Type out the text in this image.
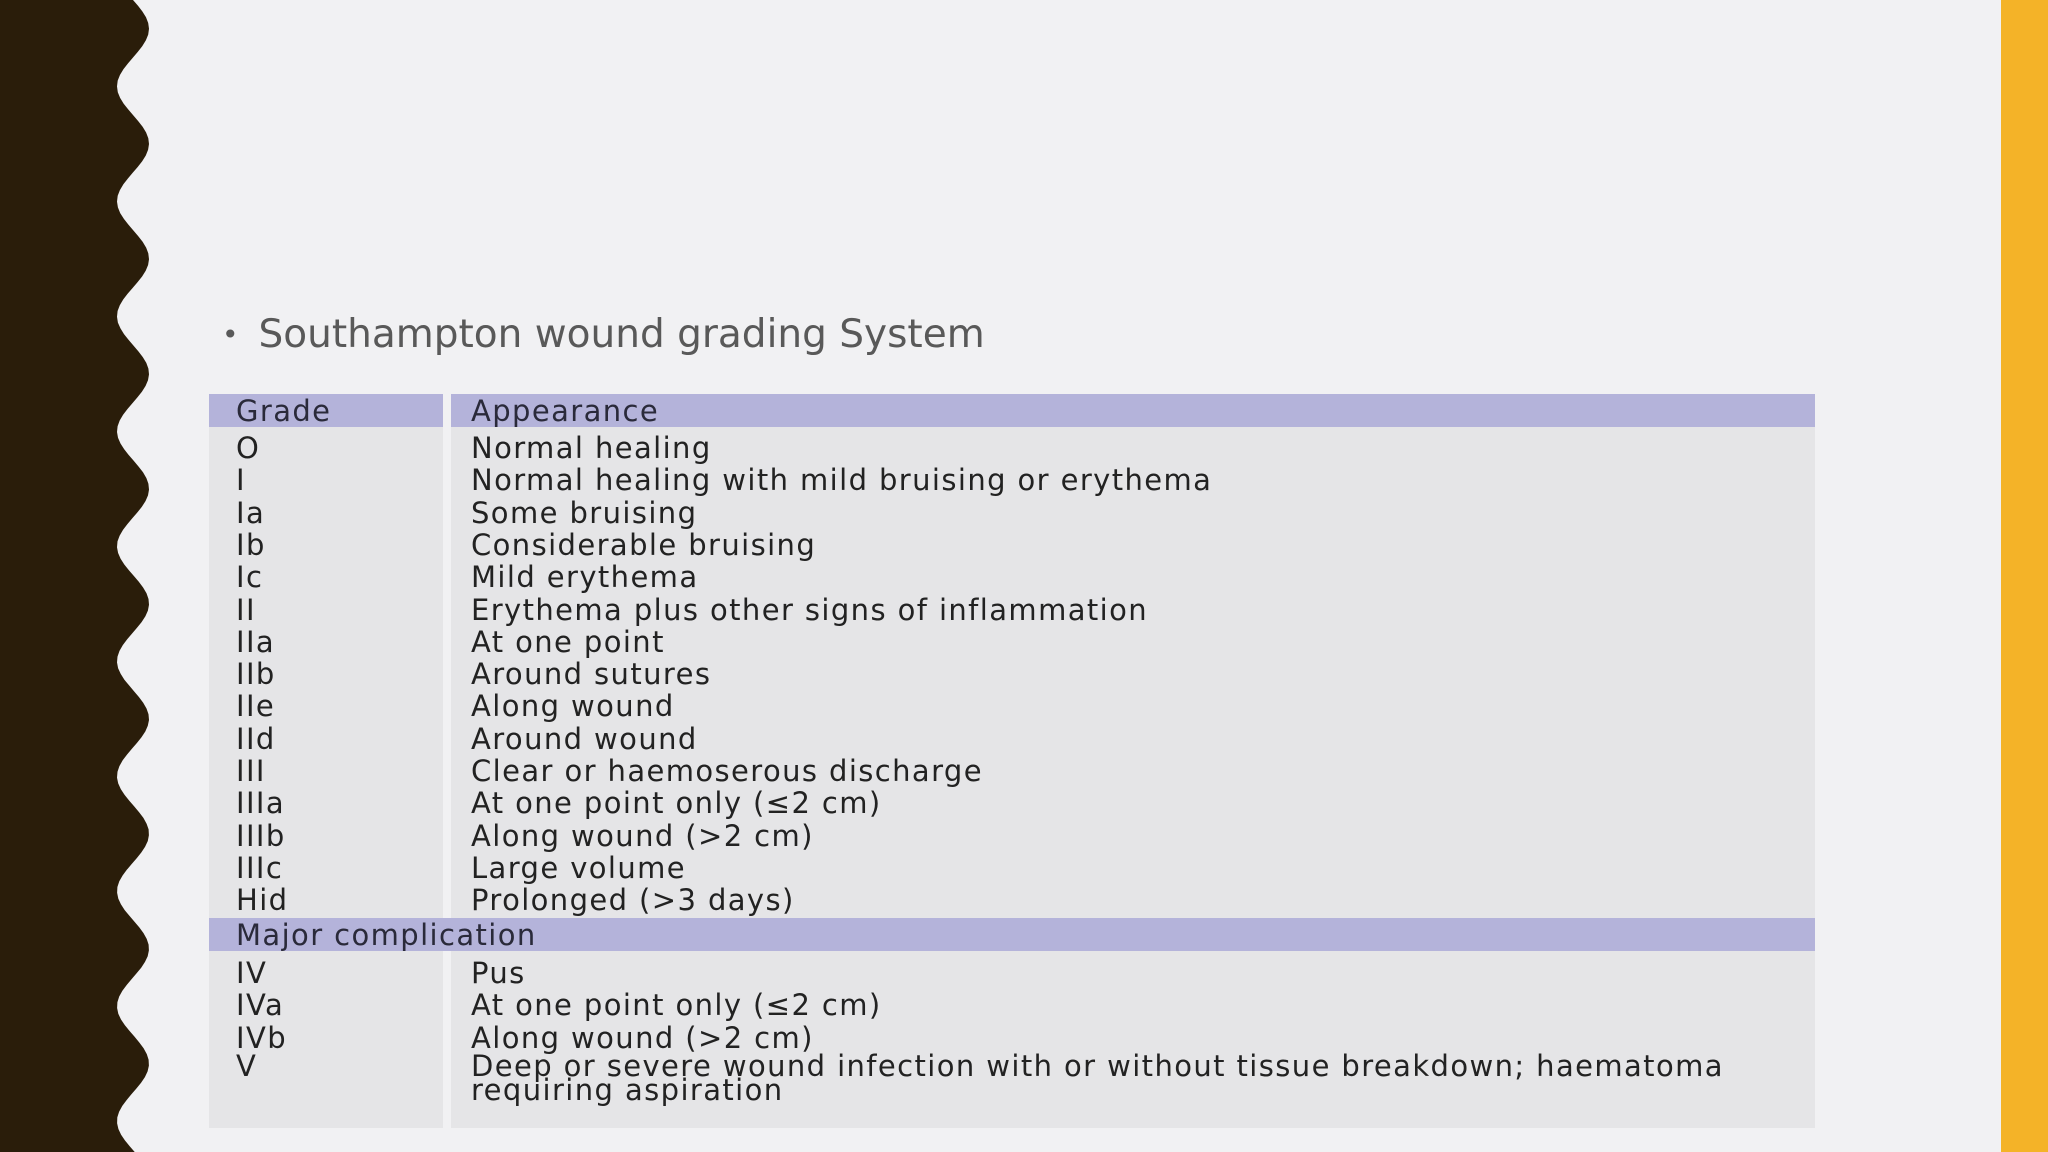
• Southampton wound grading System
Grade	Appearance
O	Normal healing
I	Normal healing with mild bruising or erythema
Ia	Some bruising
Ib	Considerable bruising
Ic	Mild erythema
II	Erythema plus other signs of inflammation
IIa	At one point
IIb	Around sutures
IIe	Along wound
IId	Around wound
III	Clear or haemoserous discharge
IIIa	At one point only (≤2 cm)
IIIb	Along wound (>2 cm)
IIIc	Large volume
Hid	Prolonged (>3 days)
Major complication
IV	Pus
IVa	At one point only (≤2 cm)
IVb	Along wound (>2 cm)
V	Deep or severe wound infection with or without tissue breakdown; haematoma requiring aspiration
